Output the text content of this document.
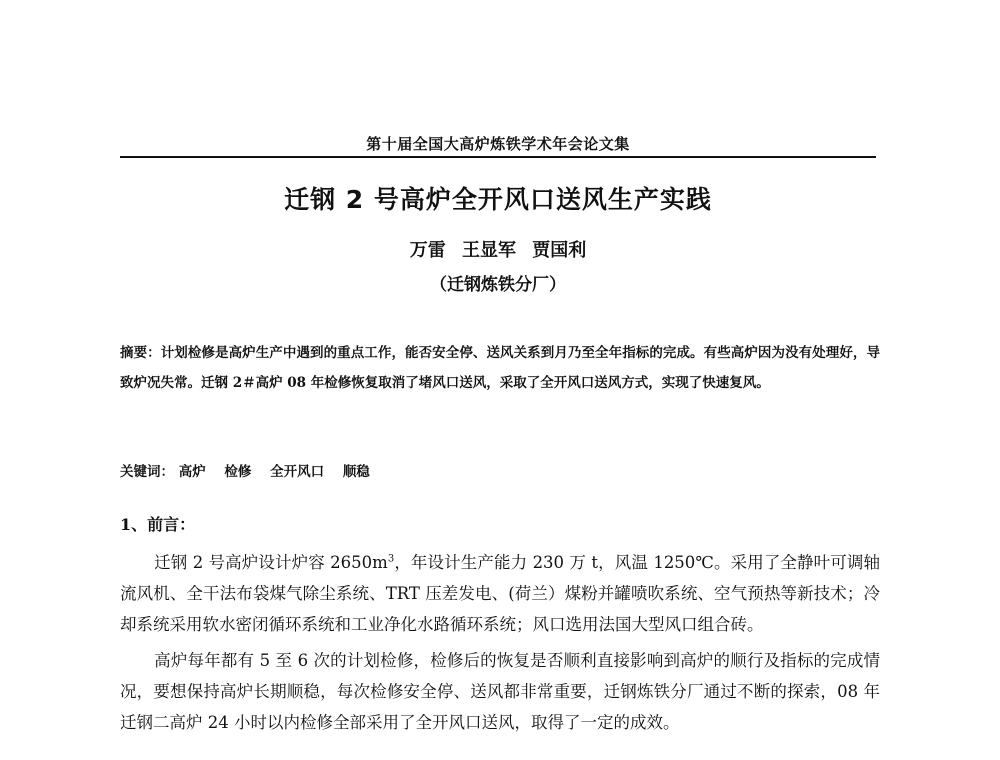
第十届全国大高炉炼铁学术年会论文集
迁钢 2 号高炉全开风口送风生产实践
万雷 王显军 贾国利
（迁钢炼铁分厂）
摘要：计划检修是高炉生产中遇到的重点工作，能否安全停、送风关系到月乃至全年指标的完成。有些高炉因为没有处理好，导致炉况失常。迁钢 2＃高炉 08 年检修恢复取消了堵风口送风，采取了全开风口送风方式，实现了快速复风。
关键词： 高炉 检修 全开风口 顺稳
1、前言：
迁钢 2 号高炉设计炉容 $2650m^3$，年设计生产能力 230 万 t，风温 1250℃。采用了全静叶可调轴流风机、全干法布袋煤气除尘系统、TRT 压差发电、(荷兰）煤粉并罐喷吹系统、空气预热等新技术；冷却系统采用软水密闭循环系统和工业净化水路循环系统；风口选用法国大型风口组合砖。
高炉每年都有 5 至 6 次的计划检修，检修后的恢复是否顺利直接影响到高炉的顺行及指标的完成情况，要想保持高炉长期顺稳，每次检修安全停、送风都非常重要，迁钢炼铁分厂通过不断的探索，08 年迁钢二高炉 24 小时以内检修全部采用了全开风口送风，取得了一定的成效。
